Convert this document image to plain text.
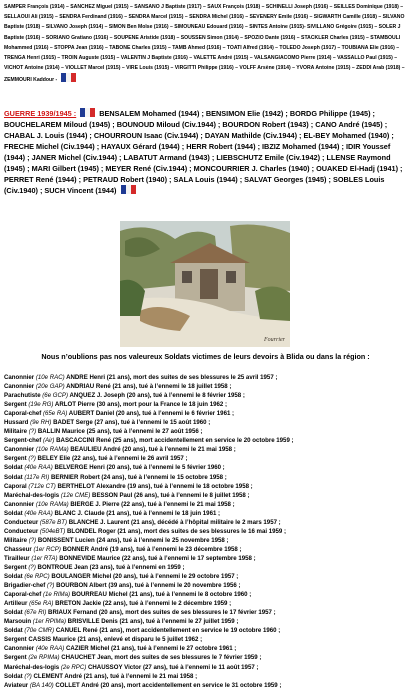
SAMPER François (1914) – SANCHEZ Miguel (1915) – SANSANO J Baptiste (1917) – SAUX François (1918) – SCHINELLI Joseph (1916) – SEILLES Dominique (1918) – SELLAOUI Ali (1915) – SENDRA Ferdinand (1916) – SENDRA Marcel (1915) – SENDRA Michel (1916) – SEVENERY Emile (1916) – SIGWARTH Camille (1918) – SILVANO Baptiste (1918) – SILVANO Joseph (1914) – SIMON Ben Moïse (1916) – SIMOUNEAU Edouard (1916) – SINTES Antoine (1915)- SIVILLANO Grégoire (1915) – SOLER J Baptiste (1916) – SORIANO Gratiano (1916) – SOUPENE Aristide (1918) – SOUSSEN Simon (1914) – SPOZIO Dante (1916) – STACKLER Charles (1915) – STAMBOULI Mohammed (1916) – STOPPA Jean (1916) – TABONE Charles (1915) – TAMB Ahmed (1916) – TOATI Alfred (1914) – TOLEDO Joseph (1917) – TOUBIANA Elie (1916) – TRENGA Henri (1915) – TROIN Auguste (1915) – VALENTIN J Baptiste (1916) – VALETTE André (1915) – VALSANGIACOMO Pierre (1914) – VASSALLO Paul (1915) – VICHOT Antoine (1914) – VIOLLET Marcel (1915) – VIRE Louis (1915) – VIRGITTI Philippe (1916) – VOLFF Arsène (1914) – YVORA Antoine (1915) – ZEDDI Arab (1918) – ZEMMOURI Kaddour -
GUERRE 1939/1945 :	BENSALEM Mohamed (1944) ; BENSIMON Elie (1942) ; BORDG Philippe (1945) ; BOUCHELAREM Miloud (1945) ; BOUNOUD Miloud (Civ.1944) ; BOURDON Robert (1943) ; CANO André (1945) ; CHABAL J. Louis (1944) ; CHOURROUN Isaac (Civ.1944) ; DAYAN Mathilde (Civ.1944) ; EL-BEY Mohamed (1940) ; FRECHE Michel (Civ.1944) ; HAYAUX Gérard (1944) ; HERR Robert (1944) ; IBZIZ Mohamed (1944) ; IDIR Youssef (1944) ; JANER Michel (Civ.1944) ; LABATUT Armand (1943) ; LIEBSCHUTZ Emile (Civ.1942) ; LLENSE Raymond (1945) ; MARI Gilbert (1945) ; MEYER René (Civ.1944) ; MONCOURRIER J. Charles (1940) ; OUAKED El-Hadj (1941) ; PERRET René (1944) ; PETRAUD Robert (1940) ; SALA Louis (1944) ; SALVAT Georges (1945) ; SOBLES Louis (Civ.1940) ; SUCH Vincent (1944)
Fourrier
Nous n’oublions pas nos valeureux Soldats victimes de leurs devoirs à Blida ou dans la région :
Canonnier (10e RAC) ANDRE Henri (21 ans), mort des suites de ses blessures le 25 avril 1957 ;
Canonnier (20e GAP) ANDRIAU René (21 ans), tué à l’ennemi le 18 juillet 1958 ;
Parachutiste (6e GCP) ANQUEZ J. Joseph (20 ans), tué à l’ennemi le 8 février 1958 ;
Sergent (19e RG) ARLOT Pierre (30 ans), mort pour la France le 18 juin 1962 ;
Caporal-chef (65e RA) AUBERT Daniel (20 ans), tué à l’ennemi le 6 février 1961 ;
Hussard (9e RH) BADET Serge (27 ans), tué à l’ennemi le 15 août 1960 ;
Militaire (?) BALLIN Maurice (25 ans), tué à l’ennemi le 27 août 1956 ;
Sergent-chef (Air) BASCACCINI René (25 ans), mort accidentellement en service le 20 octobre 1959 ;
Canonnier (10e RAMa) BEAULIEU André (20 ans), tué à l’ennemi le 21 mai 1958 ;
Sergent (?) BELEY Elie (22 ans), tué à l’ennemi le 26 avril 1957 ;
Soldat (40e RAA) BELVERGE Henri (20 ans), tué à l’ennemi le 5 février 1960 ;
Soldat (117e RI) BERNIER Robert (24 ans), tué à l’ennemi le 15 octobre 1958 ;
Caporal (712e CT) BERTHELOT Alexandre (19 ans), tué à l’ennemi le 18 octobre 1958 ;
Maréchal-des-logis (12e CME) BESSON Paul (26 ans), tué à l’ennemi le 8 juillet 1958 ;
Canonnier (10e RAMa) BIERGE J. Pierre (22 ans), tué à l’ennemi le 21 mai 1958 ;
Soldat (40e RAA) BLANC J. Claude (21 ans), tué à l’ennemi le 18 juin 1961 ;
Conducteur (587e BT) BLANCHE J. Laurent (21 ans), décédé à l’hôpital militaire le 2 mars 1957 ;
Conducteur (504eBT) BLONDEL Roger (21 ans), mort des suites de ses blessures le 16 mai 1959 ;
Militaire (?) BONISSENT Lucien (24 ans), tué à l’ennemi le 25 novembre 1958 ;
Chasseur (1er RCP) BONNER André (19 ans), tué à l’ennemi le 23 décembre 1958 ;
Tirailleur (1er RTA) BONNEVIDE Maurice (22 ans), tué à l’ennemi le 17 septembre 1958 ;
Sergent (?) BONTROUE Jean (23 ans), tué à l’ennemi en 1959 ;
Soldat (6e RPC) BOULANGER Michel (20 ans), tué à l’ennemi le 29 octobre 1957 ;
Brigadier-chef (?) BOURBON Albert (39 ans), tué à l’ennemi le 20 novembre 1956 ;
Caporal-chef (1e RIMa) BOURREAU Michel (21 ans), tué à l’ennemi le 8 octobre 1960 ;
Artilleur (65e RA) BRETON Jackie (22 ans), tué à l’ennemi le 2 décembre 1959 ;
Soldat (67e RI) BRIAUX Fernand (20 ans), mort des suites de ses blessures le 17 février 1957 ;
Marsouin (1er RPIMa) BRISVILLE Denis (21 ans), tué à l’ennemi le 27 juillet 1959 ;
Soldat (70e CMR) CANUEL René (21 ans), mort accidentellement en service le 19 octobre 1960 ;
Sergent CASSIS Maurice (21 ans), enlevé et disparu le 5 juillet 1962 ;
Canonnier (40e RAA) CAZIER Michel (21 ans), tué à l’ennemi le 27 octobre 1961 ;
Sergent (2e RPIMa) CHAUCHET Jean, mort des suites de ses blessures le 7 février 1959 ;
Maréchal-des-logis (2e RPC) CHAUSSOY Victor (27 ans), tué à l’ennemi le 11 août 1957 ;
Soldat (?) CLEMENT André (21 ans), tué à l’ennemi le 21 mai 1958 ;
Aviateur (BA 140) COLLET André (20 ans), mort accidentellement en service le 31 octobre 1959 ;
